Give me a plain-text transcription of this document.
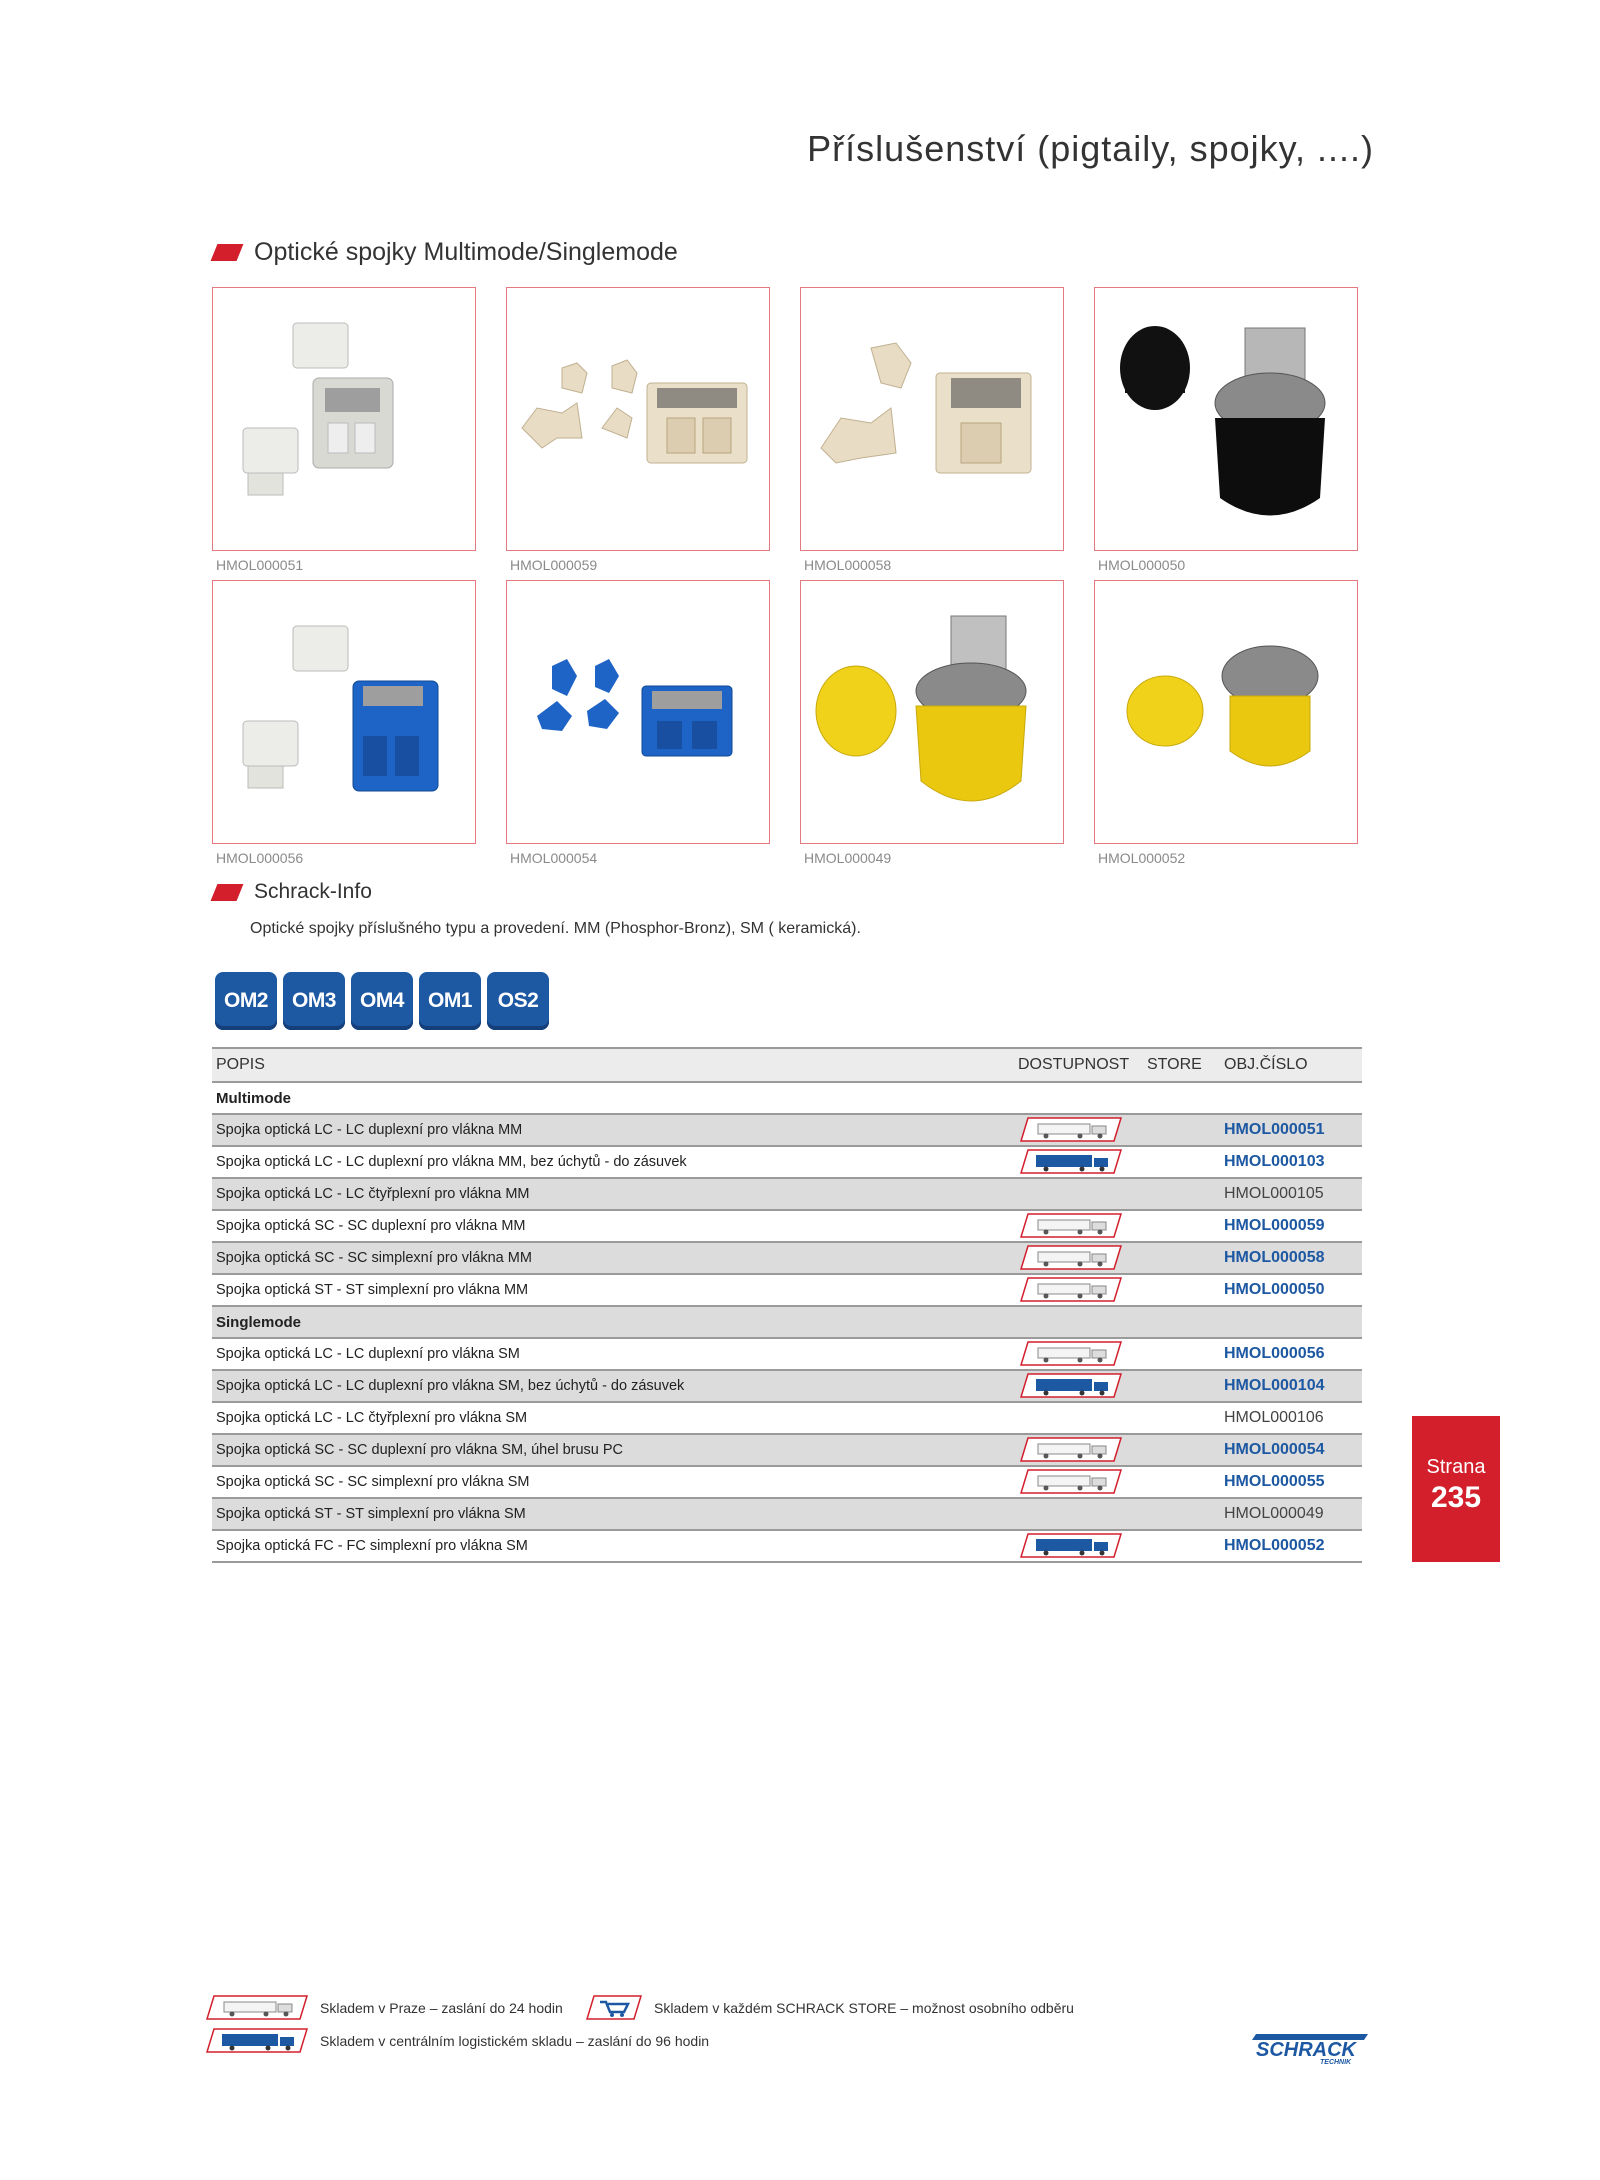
Příslušenství (pigtaily, spojky, ....)
Optické spojky Multimode/Singlemode
HMOL000051	HMOL000059	HMOL000058	HMOL000050
HMOL000056	HMOL000054	HMOL000049	HMOL000052
Schrack-Info
Optické spojky příslušného typu a provedení. MM (Phosphor-Bronz), SM ( keramická).
OM2	OM3	OM4	OM1	OS2
POPIS	DOSTUPNOST STORE OBJ.ČÍSLO
Multimode
Spojka optická LC - LC duplexní pro vlákna MM	HMOL000051
Spojka optická LC - LC duplexní pro vlákna MM, bez úchytů - do zásuvek	HMOL000103
Spojka optická LC - LC čtyřplexní pro vlákna MM	HMOL000105
Spojka optická SC - SC duplexní pro vlákna MM	HMOL000059
Spojka optická SC - SC simplexní pro vlákna MM	HMOL000058
Spojka optická ST - ST simplexní pro vlákna MM	HMOL000050
Singlemode
Spojka optická LC - LC duplexní pro vlákna SM	HMOL000056
Spojka optická LC - LC duplexní pro vlákna SM, bez úchytů - do zásuvek	HMOL000104
Spojka optická LC - LC čtyřplexní pro vlákna SM	HMOL000106
Spojka optická SC - SC duplexní pro vlákna SM, úhel brusu PC	HMOL000054
Spojka optická SC - SC simplexní pro vlákna SM	HMOL000055
Spojka optická ST - ST simplexní pro vlákna SM	HMOL000049
Spojka optická FC - FC simplexní pro vlákna SM	HMOL000052
Strana
235
Skladem v Praze – zaslání do 24 hodin	Skladem v každém SCHRACK STORE – možnost osobního odběru
Skladem v centrálním logistickém skladu – zaslání do 96 hodin	SCHRACK
TECHNIK
